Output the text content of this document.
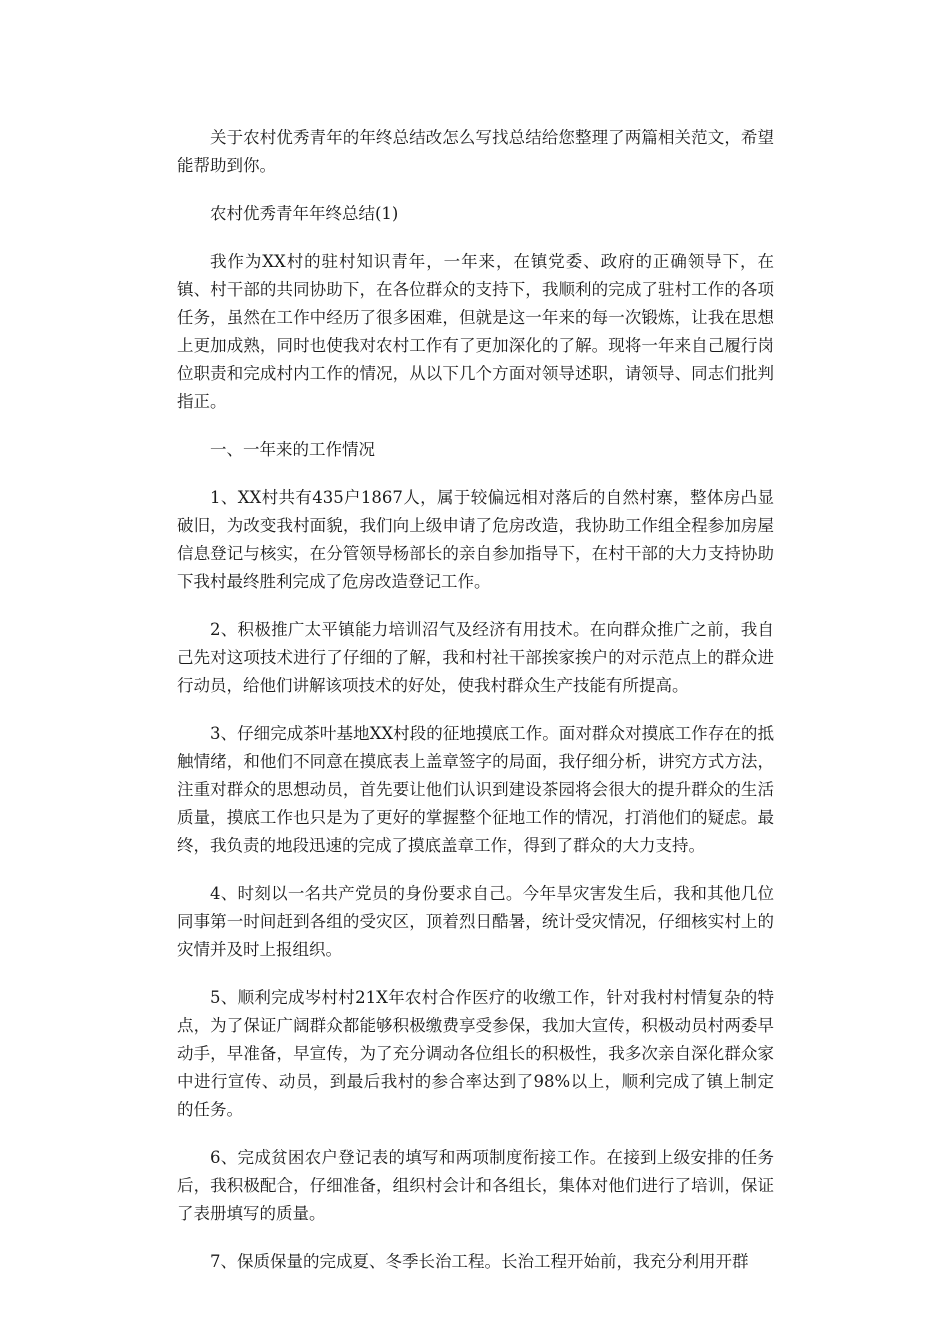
关于农村优秀青年的年终总结改怎么写找总结给您整理了两篇相关范文，希望能帮助到你。

农村优秀青年年终总结(1)

我作为XX村的驻村知识青年，一年来，在镇党委、政府的正确领导下，在镇、村干部的共同协助下，在各位群众的支持下，我顺利的完成了驻村工作的各项任务，虽然在工作中经历了很多困难，但就是这一年来的每一次锻炼，让我在思想上更加成熟，同时也使我对农村工作有了更加深化的了解。现将一年来自己履行岗位职责和完成村内工作的情况，从以下几个方面对领导述职，请领导、同志们批判指正。

一、一年来的工作情况

1、XX村共有435户1867人，属于较偏远相对落后的自然村寨，整体房凸显破旧，为改变我村面貌，我们向上级申请了危房改造，我协助工作组全程参加房屋信息登记与核实，在分管领导杨部长的亲自参加指导下，在村干部的大力支持协助下我村最终胜利完成了危房改造登记工作。

2、积极推广太平镇能力培训沼气及经济有用技术。在向群众推广之前，我自己先对这项技术进行了仔细的了解，我和村社干部挨家挨户的对示范点上的群众进行动员，给他们讲解该项技术的好处，使我村群众生产技能有所提高。

3、仔细完成茶叶基地XX村段的征地摸底工作。面对群众对摸底工作存在的抵触情绪，和他们不同意在摸底表上盖章签字的局面，我仔细分析，讲究方式方法，注重对群众的思想动员，首先要让他们认识到建设茶园将会很大的提升群众的生活质量，摸底工作也只是为了更好的掌握整个征地工作的情况，打消他们的疑虑。最终，我负责的地段迅速的完成了摸底盖章工作，得到了群众的大力支持。

4、时刻以一名共产党员的身份要求自己。今年旱灾害发生后，我和其他几位同事第一时间赶到各组的受灾区，顶着烈日酷暑，统计受灾情况，仔细核实村上的灾情并及时上报组织。

5、顺利完成岑村村21X年农村合作医疗的收缴工作，针对我村村情复杂的特点，为了保证广阔群众都能够积极缴费享受参保，我加大宣传，积极动员村两委早动手，早准备，早宣传，为了充分调动各位组长的积极性，我多次亲自深化群众家中进行宣传、动员，到最后我村的参合率达到了98%以上，顺利完成了镇上制定的任务。

6、完成贫困农户登记表的填写和两项制度衔接工作。在接到上级安排的任务后，我积极配合，仔细准备，组织村会计和各组长，集体对他们进行了培训，保证了表册填写的质量。

7、保质保量的完成夏、冬季长治工程。长治工程开始前，我充分利用开群
